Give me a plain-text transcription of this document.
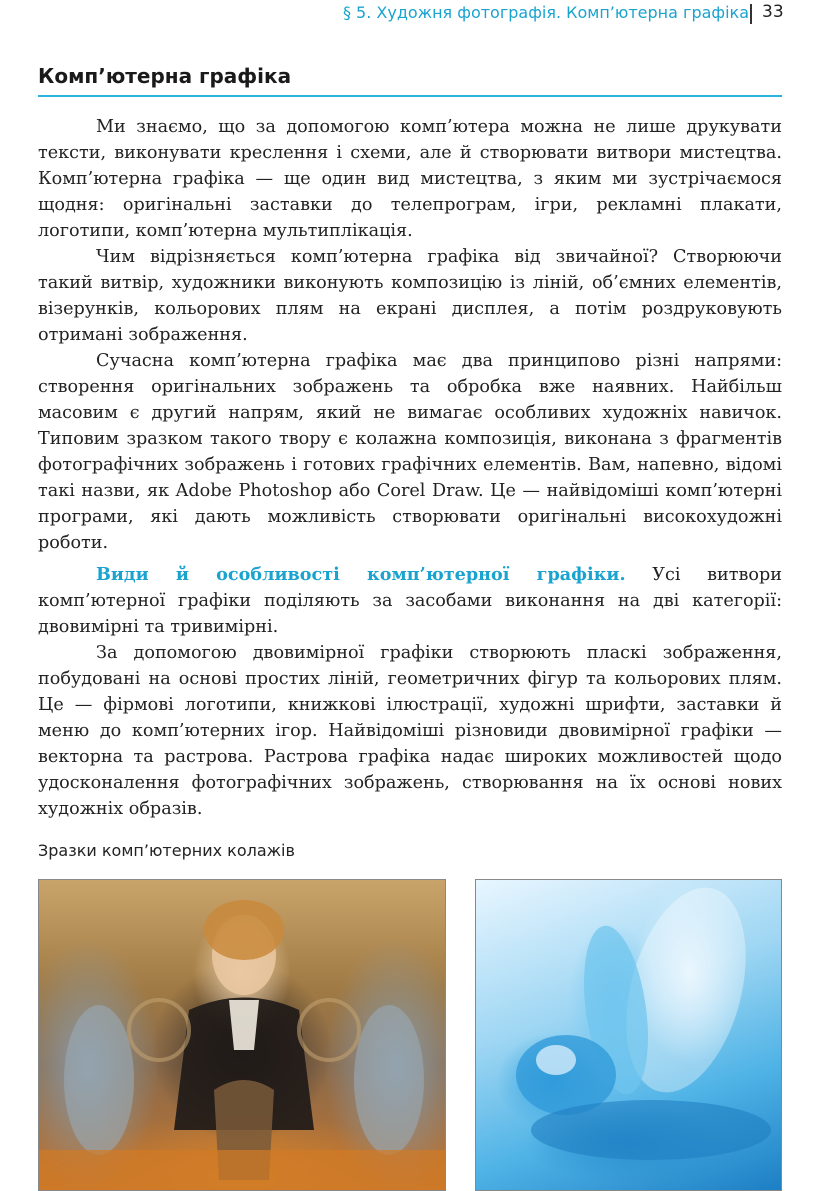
§ 5. Художня фотографія. Комп’ютерна графіка 33
Комп’ютерна графіка

Ми знаємо, що за допомогою комп’ютера можна не лише друкувати тексти, виконувати креслення і схеми, але й створювати витвори мистецтва. Комп’ютерна графіка — ще один вид мистецтва, з яким ми зустрічаємося щодня: оригінальні заставки до телепрограм, ігри, рекламні плакати, логотипи, комп’ютерна мультиплікація.

Чим відрізняється комп’ютерна графіка від звичайної? Створюючи такий витвір, художники виконують композицію із ліній, об’ємних елементів, візерунків, кольорових плям на екрані дисплея, а потім роздруковують отримані зображення.

Сучасна комп’ютерна графіка має два принципово різні напрями: створення оригінальних зображень та обробка вже наявних. Найбільш масовим є другий напрям, який не вимагає особливих художніх навичок. Типовим зразком такого твору є колажна композиція, виконана з фрагментів фотографічних зображень і готових графічних елементів. Вам, напевно, відомі такі назви, як Adobe Photoshop або Corel Draw. Це — найвідоміші комп’ютерні програми, які дають можливість створювати оригінальні високохудожні роботи.

Види й особливості комп’ютерної графіки. Усі витвори комп’ютерної графіки поділяють за засобами виконання на дві категорії: двовимірні та тривимірні.

За допомогою двовимірної графіки створюють пласкі зображення, побудовані на основі простих ліній, геометричних фігур та кольорових плям. Це — фірмові логотипи, книжкові ілюстрації, художні шрифти, заставки й меню до комп’ютерних ігор. Найвідоміші різновиди двовимірної графіки — векторна та растрова. Растрова графіка надає широких можливостей щодо удосконалення фотографічних зображень, створювання на їх основі нових художніх образів.

Зразки комп’ютерних колажів
